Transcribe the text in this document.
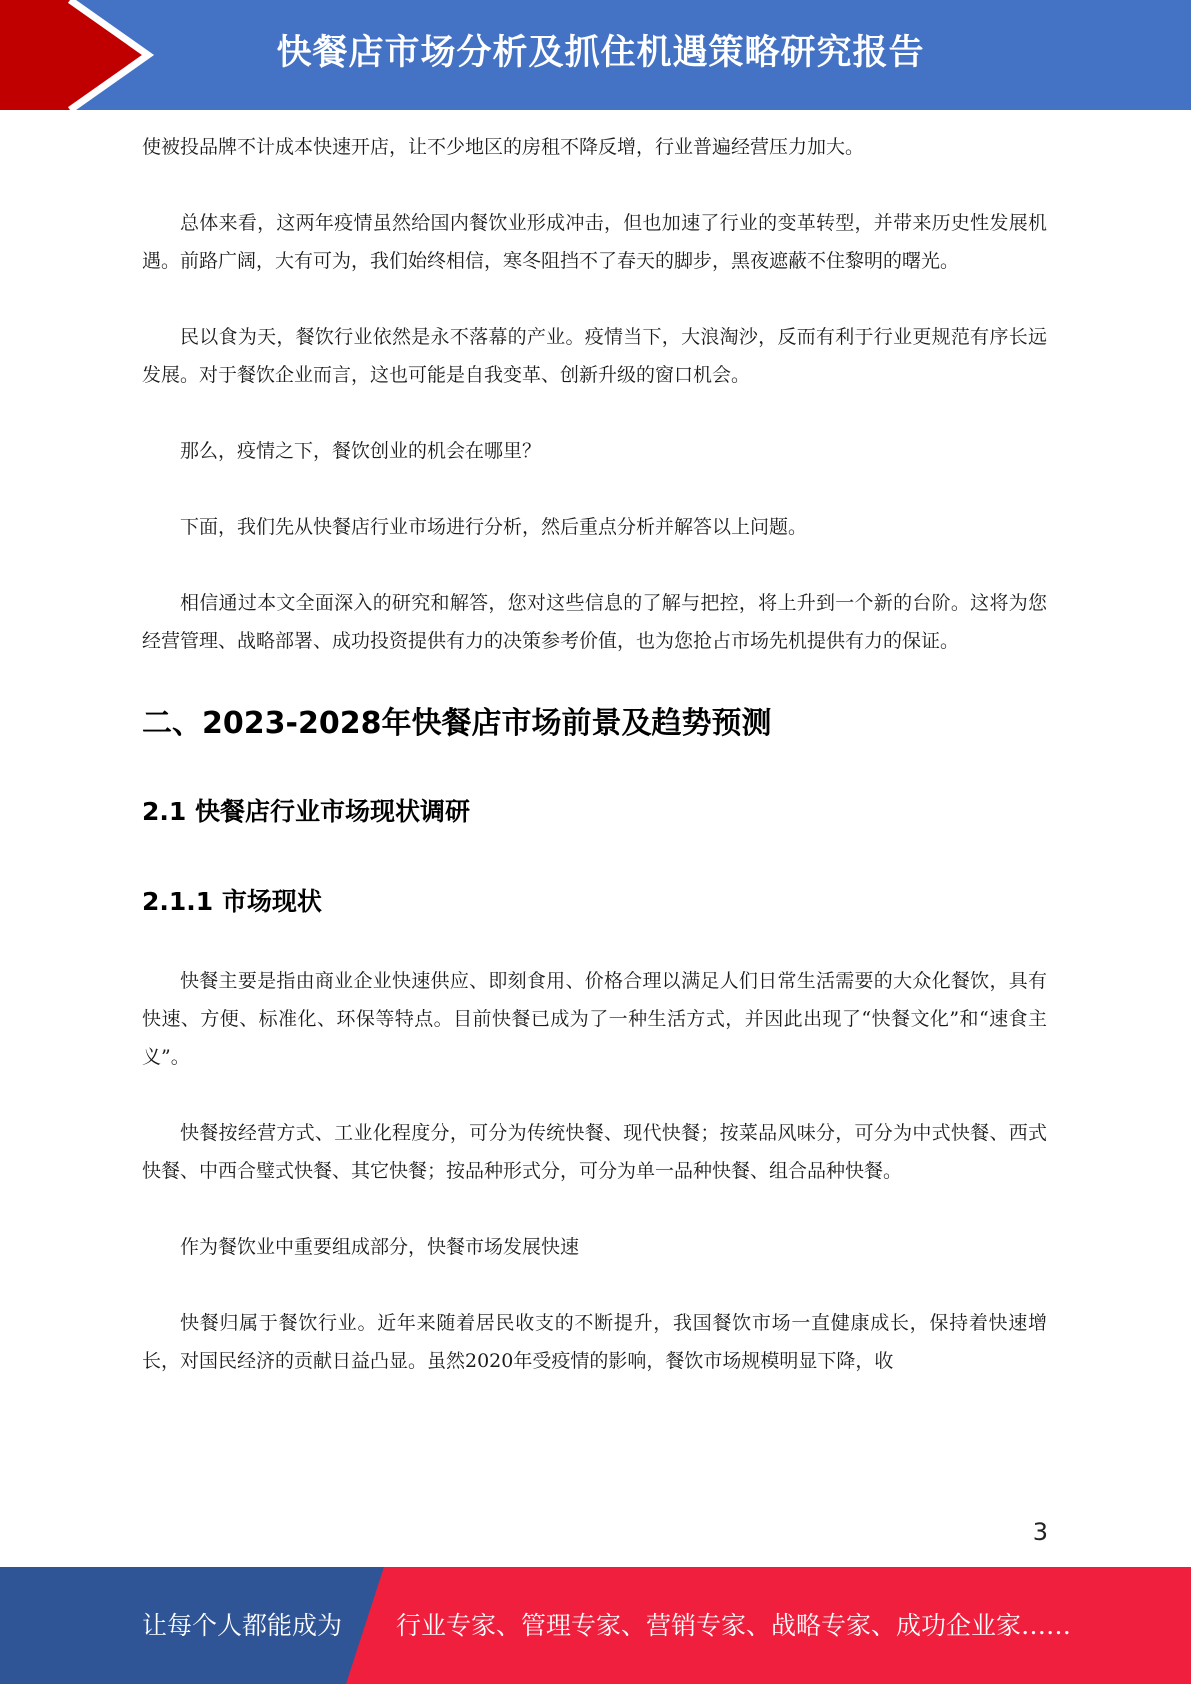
快餐店市场分析及抓住机遇策略研究报告

使被投品牌不计成本快速开店，让不少地区的房租不降反增，行业普遍经营压力加大。

总体来看，这两年疫情虽然给国内餐饮业形成冲击，但也加速了行业的变革转型，并带来历史性发展机遇。前路广阔，大有可为，我们始终相信，寒冬阻挡不了春天的脚步，黑夜遮蔽不住黎明的曙光。

民以食为天，餐饮行业依然是永不落幕的产业。疫情当下，大浪淘沙，反而有利于行业更规范有序长远发展。对于餐饮企业而言，这也可能是自我变革、创新升级的窗口机会。

那么，疫情之下，餐饮创业的机会在哪里？

下面，我们先从快餐店行业市场进行分析，然后重点分析并解答以上问题。

相信通过本文全面深入的研究和解答，您对这些信息的了解与把控，将上升到一个新的台阶。这将为您经营管理、战略部署、成功投资提供有力的决策参考价值，也为您抢占市场先机提供有力的保证。

二、2023-2028年快餐店市场前景及趋势预测
2.1 快餐店行业市场现状调研
2.1.1 市场现状

快餐主要是指由商业企业快速供应、即刻食用、价格合理以满足人们日常生活需要的大众化餐饮，具有快速、方便、标准化、环保等特点。目前快餐已成为了一种生活方式，并因此出现了“快餐文化”和“速食主义”。

快餐按经营方式、工业化程度分，可分为传统快餐、现代快餐；按菜品风味分，可分为中式快餐、西式快餐、中西合璧式快餐、其它快餐；按品种形式分，可分为单一品种快餐、组合品种快餐。

作为餐饮业中重要组成部分，快餐市场发展快速

快餐归属于餐饮行业。近年来随着居民收支的不断提升，我国餐饮市场一直健康成长，保持着快速增长，对国民经济的贡献日益凸显。虽然2020年受疫情的影响，餐饮市场规模明显下降，收

3
让每个人都能成为 行业专家、管理专家、营销专家、战略专家、成功企业家……
